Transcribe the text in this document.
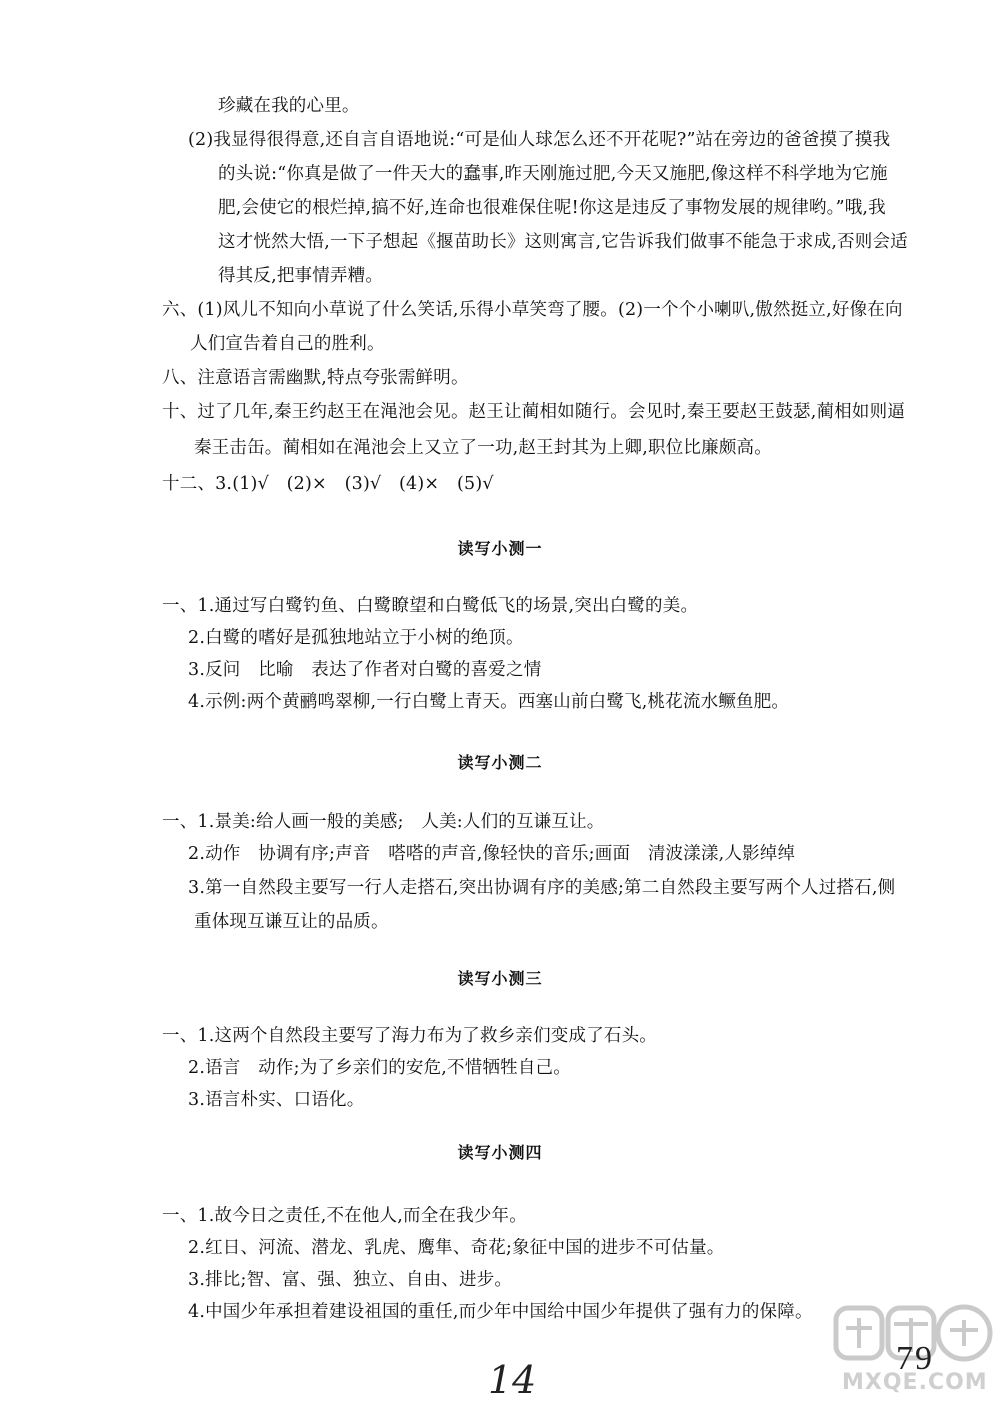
珍藏在我的心里。
(2)我显得很得意,还自言自语地说:“可是仙人球怎么还不开花呢?”站在旁边的爸爸摸了摸我
的头说:“你真是做了一件天大的蠢事,昨天刚施过肥,今天又施肥,像这样不科学地为它施
肥,会使它的根烂掉,搞不好,连命也很难保住呢!你这是违反了事物发展的规律哟。”哦,我
这才恍然大悟,一下子想起《揠苗助长》这则寓言,它告诉我们做事不能急于求成,否则会适
得其反,把事情弄糟。
六、(1)风儿不知向小草说了什么笑话,乐得小草笑弯了腰。(2)一个个小喇叭,傲然挺立,好像在向
人们宣告着自己的胜利。
八、注意语言需幽默,特点夸张需鲜明。
十、过了几年,秦王约赵王在渑池会见。赵王让蔺相如随行。会见时,秦王要赵王鼓瑟,蔺相如则逼
秦王击缶。蔺相如在渑池会上又立了一功,赵王封其为上卿,职位比廉颇高。
十二、3.(1)√　(2)×　(3)√　(4)×　(5)√
读写小测一
一、1.通过写白鹭钓鱼、白鹭瞭望和白鹭低飞的场景,突出白鹭的美。
2.白鹭的嗜好是孤独地站立于小树的绝顶。
3.反问　比喻　表达了作者对白鹭的喜爱之情
4.示例:两个黄鹂鸣翠柳,一行白鹭上青天。西塞山前白鹭飞,桃花流水鳜鱼肥。
读写小测二
一、1.景美:给人画一般的美感;　人美:人们的互谦互让。
2.动作　协调有序;声音　嗒嗒的声音,像轻快的音乐;画面　清波漾漾,人影绰绰
3.第一自然段主要写一行人走搭石,突出协调有序的美感;第二自然段主要写两个人过搭石,侧
重体现互谦互让的品质。
读写小测三
一、1.这两个自然段主要写了海力布为了救乡亲们变成了石头。
2.语言　动作;为了乡亲们的安危,不惜牺牲自己。
3.语言朴实、口语化。
读写小测四
一、1.故今日之责任,不在他人,而全在我少年。
2.红日、河流、潜龙、乳虎、鹰隼、奇花;象征中国的进步不可估量。
3.排比;智、富、强、独立、自由、进步。
4.中国少年承担着建设祖国的重任,而少年中国给中国少年提供了强有力的保障。
14	MXQE.COM
79
